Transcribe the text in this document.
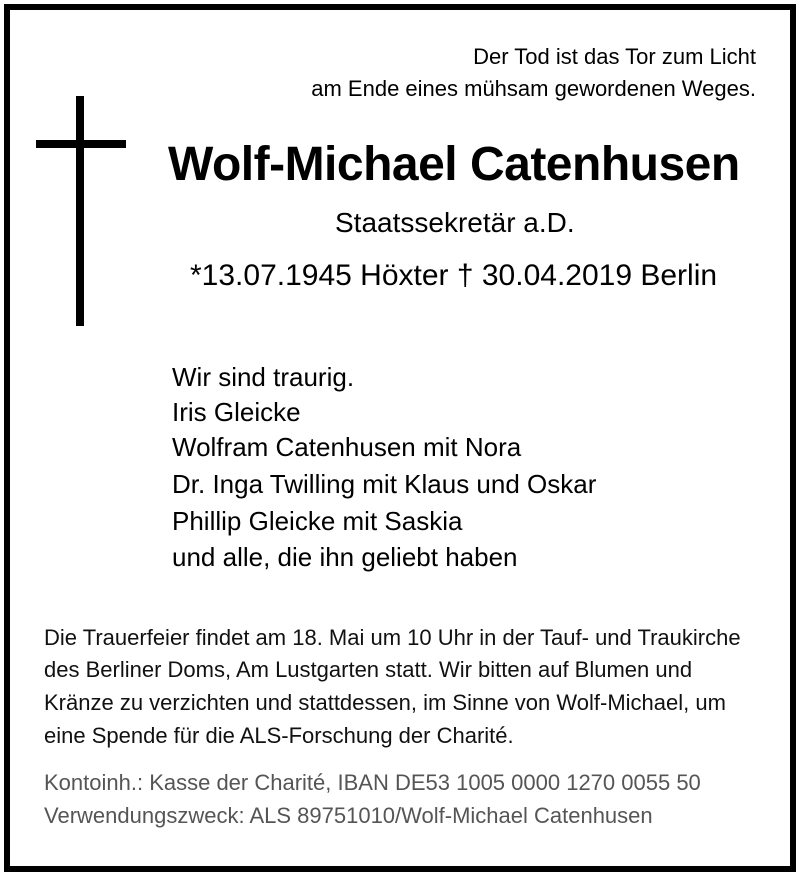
Der Tod ist das Tor zum Licht
am Ende eines mühsam gewordenen Weges.
Wolf-Michael Catenhusen
Staatssekretär a.D.
*13.07.1945 Höxter † 30.04.2019 Berlin
Wir sind traurig.
Iris Gleicke
Wolfram Catenhusen mit Nora
Dr. Inga Twilling mit Klaus und Oskar
Phillip Gleicke mit Saskia
und alle, die ihn geliebt haben
Die Trauerfeier findet am 18. Mai um 10 Uhr in der Tauf- und Traukirche
des Berliner Doms, Am Lustgarten statt. Wir bitten auf Blumen und
Kränze zu verzichten und stattdessen, im Sinne von Wolf-Michael, um
eine Spende für die ALS-Forschung der Charité.
Kontoinh.: Kasse der Charité, IBAN DE53 1005 0000 1270 0055 50
Verwendungszweck: ALS 89751010/Wolf-Michael Catenhusen
